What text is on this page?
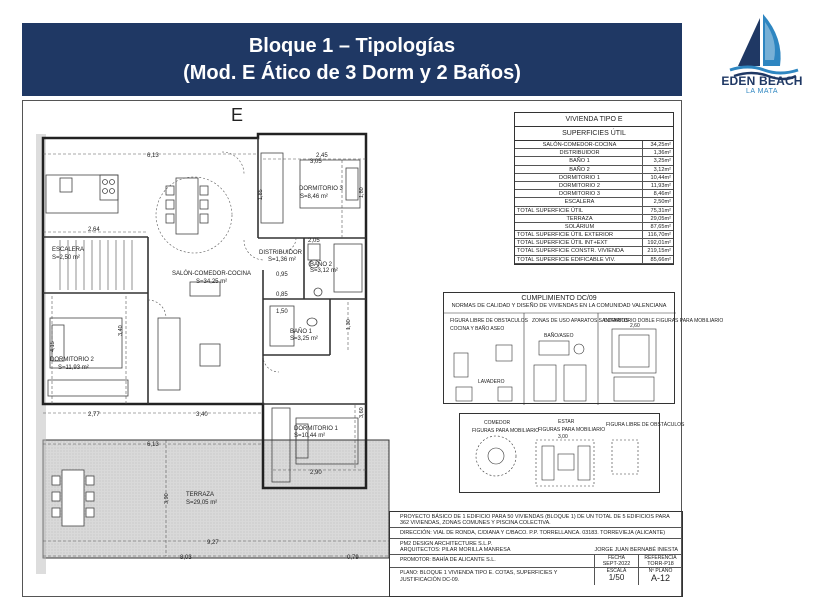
Bloque 1 – Tipologías
(Mod. E Ático de 3 Dorm y 2 Baños)	EDEN BEACH
LA MATA
E
6,13	2,45
3,05
2,64
2,05
2,77	3,40
6,13
2,90
9,27
8,03	0,79
0,85
0,95
1,50
1,80
1,30
3,60
3,40
4,15
3,90
1,85
DORMITORIO 3
S=8,46 m²
ESCALERA
S=2,50 m²
DISTRIBUIDOR
S=1,36 m²
BAÑO 2
S=3,12 m²
SALÓN-COMEDOR-COCINA
S=34,25 m²
BAÑO 1
S=3,25 m²
DORMITORIO 2
S=11,93 m²
DORMITORIO 1
S=10,44 m²
TERRAZA
S=29,05 m²
VIVIENDA TIPO E
SUPERFICIES ÚTIL
SALÓN-COMEDOR-COCINA	34,25m²
DISTRIBUIDOR	1,36m²
BAÑO 1	3,25m²
BAÑO 2	3,12m²
DORMITORIO 1	10,44m²
DORMITORIO 2	11,93m²
DORMITORIO 3	8,46m²
ESCALERA	2,50m²
TOTAL SUPERFICIE ÚTIL	75,31m²
TERRAZA	29,05m²
SOLÁRIUM	87,65m²
TOTAL SUPERFICIE ÚTIL EXTERIOR	116,70m²
TOTAL SUPERFICIE ÚTIL INT+EXT	192,01m²
TOTAL SUPERFICIE CONSTR. VIVIENDA	219,15m²
TOTAL SUPERFICIE EDIFICABLE VIV.	85,66m²
CUMPLIMIENTO DC/09
NORMAS DE CALIDAD Y DISEÑO DE VIVIENDAS EN LA COMUNIDAD VALENCIANA
FIGURA LIBRE DE OBSTACULOS
COCINA Y BAÑO ASEO
ZONAS DE USO APARATOS SANITARIOS
BAÑO/ASEO
DORMITORIO DOBLE FIGURAS PARA MOBILIARIO
2,60
LAVADERO
COMEDOR
FIGURAS PARA MOBILIARIO
ESTAR
FIGURAS PARA MOBILIARIO
3,00
FIGURA LIBRE DE OBSTÁCULOS
PROYECTO BÁSICO DE 1 EDIFICIO PARA 50 VIVIENDAS (BLOQUE 1) DE UN TOTAL DE 5 EDIFICIOS PARA 362 VIVIENDAS, ZONAS COMUNES Y PISCINA COLECTIVA.
DIRECCIÓN: VIAL DE RONDA, C/DIANA Y C/BACO. P.P. TORRELLANCA. 03183. TORREVIEJA (ALICANTE)
PM2 DESIGN ARCHITECTURE S.L.P.
ARQUITECTOS: PILAR MORILLA MANRESA	JORGE JUAN BERNABÉ INIESTA
PROMOTOR: BAHÍA DE ALICANTE S.L.	FECHA
SEPT-2022
REFERENCIA
TORR-P18
PLANO: BLOQUE 1 VIVIENDA TIPO E. COTAS, SUPERFICIES Y JUSTIFICACIÓN DC-09.
ESCALA
1/50
Nº PLANO
A-12
